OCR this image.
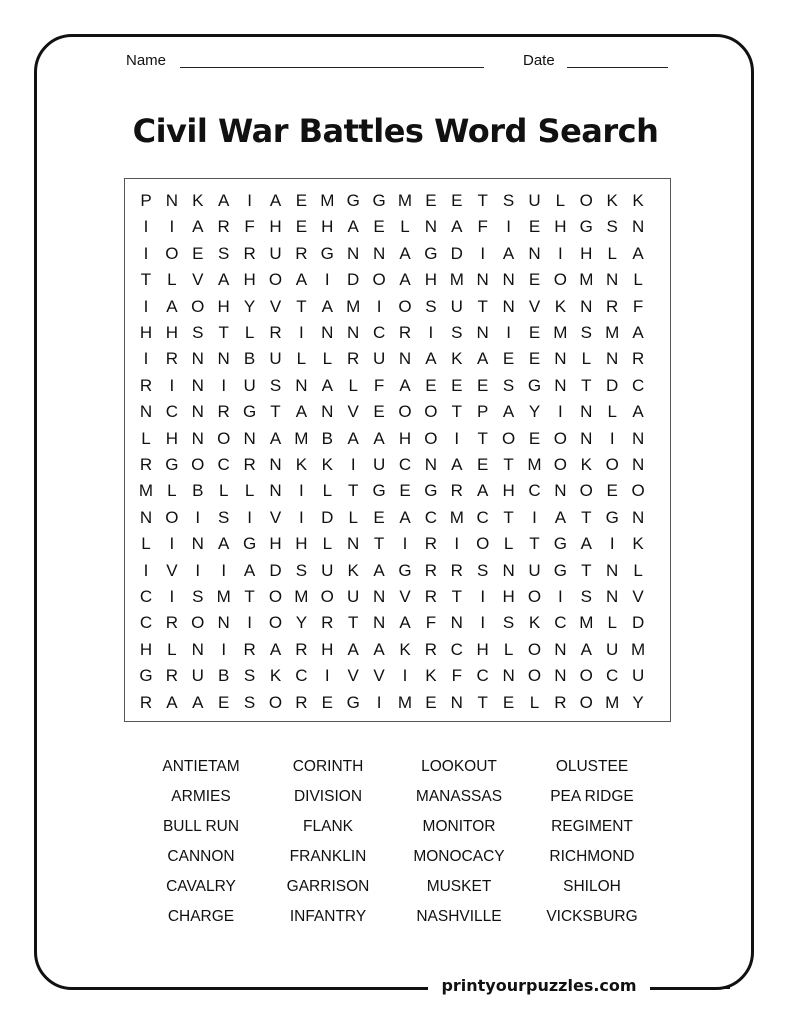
Name	Date
Civil War Battles Word Search
P N K A	I	A E M G G M E E T S U L O K K
I	I	A R F H E H A E L N A F	I	E H G S N
I O E S R U R G N N A G D	I	A N	I	H L A
T L V A H O A	I	D O A H M N N E O M N L
I	A O H Y V T A M I O S U T N V K N R F
H H S T L R	I	N N C R	I	S N	I	E M S M A
I	R N N B U L L R U N A K A E E N L N R
R	I	N	I	U S N A L F A E E E S G N T D C
N C N R G T A N V E O O T P A Y	I	N L A
L H N O N A M B A A H O I	T O E O N	I	N
R G O C R N K K	I	U C N A E T M O K O N
M L B L L N	I	L T G E G R A H C N O E O
N O I	S	I	V	I	D L E A C M C T	I	A T G N
L	I	N A G H H L N T	I	R	I O L T G A	I	K
I	V	I	I	A D S U K A G R R S N U G T N L
C	I	S M T O M O U N V R T	I	H O I	S N V
C R O N	I O Y R T N A F N	I	S K C M L D
H L N	I	R A R H A A K R C H L O N A U M
G R U B S K C	I	V V	I	K F C N O N O C U
R A A E S O R E G I M E N T E L R O M Y
ANTIETAM	CORINTH	LOOKOUT	OLUSTEE
ARMIES	DIVISION	MANASSAS	PEA RIDGE
BULL RUN	FLANK	MONITOR	REGIMENT
CANNON	FRANKLIN	MONOCACY	RICHMOND
CAVALRY	GARRISON	MUSKET	SHILOH
CHARGE	INFANTRY	NASHVILLE	VICKSBURG
printyourpuzzles.com
